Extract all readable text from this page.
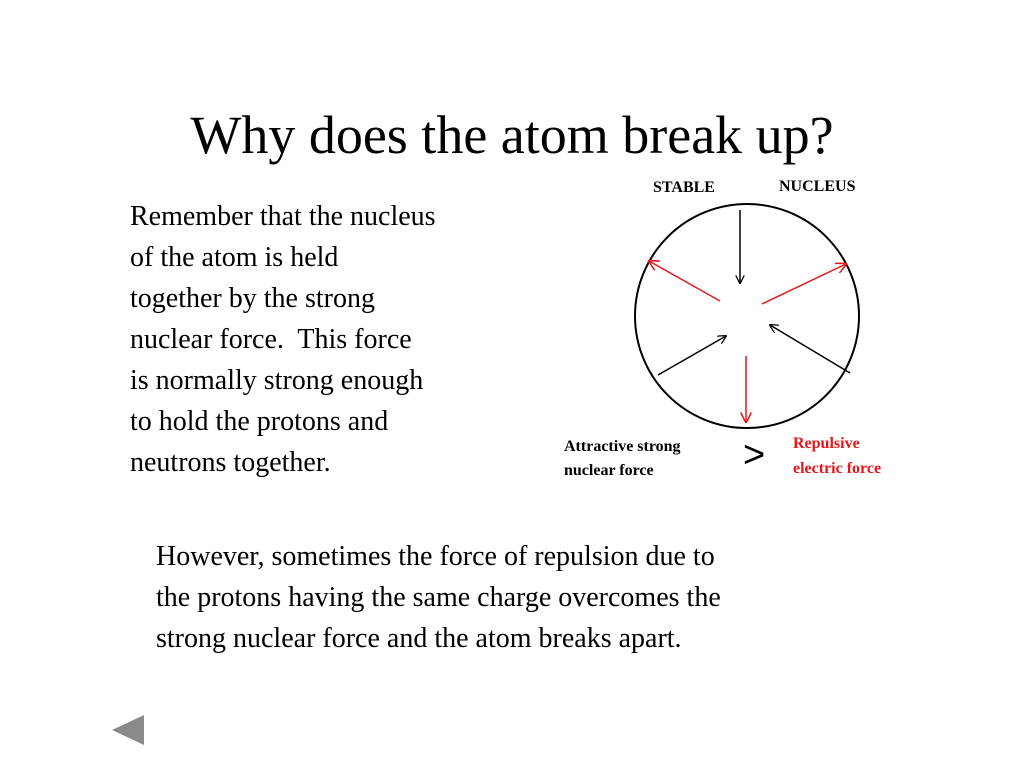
Why does the atom break up?
Remember that the nucleus
of the atom is held
together by the strong
nuclear force.  This force
is normally strong enough
to hold the protons and
neutrons together.
STABLE	NUCLEUS
Attractive strong
nuclear force > Repulsive
electric force
However, sometimes the force of repulsion due to
the protons having the same charge overcomes the
strong nuclear force and the atom breaks apart.
